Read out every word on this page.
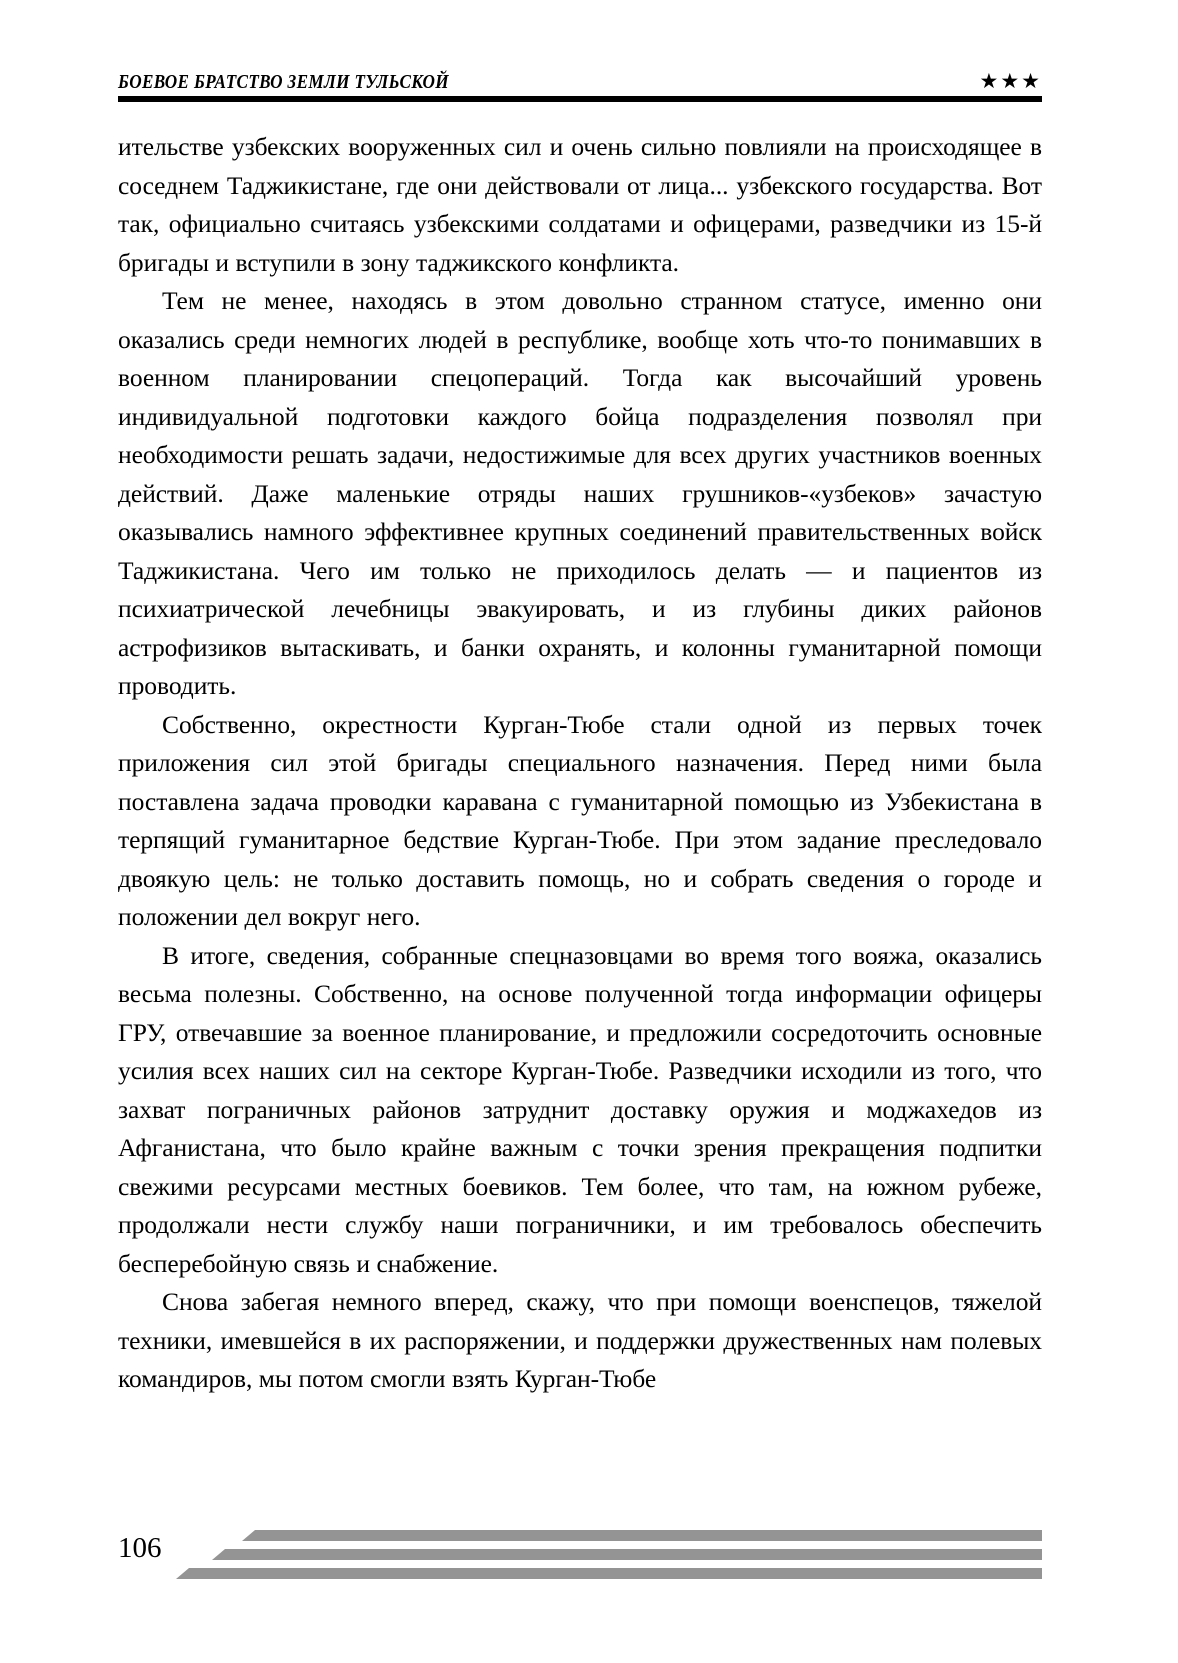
БОЕВОЕ БРАТСТВО ЗЕМЛИ ТУЛЬСКОЙ	★★★

ительстве узбекских вооруженных сил и очень сильно повлияли на происходящее в соседнем Таджикистане, где они действовали от лица... узбекского государства. Вот так, официально считаясь узбекскими солдатами и офицерами, разведчики из 15-й бригады и вступили в зону таджикского конфликта.

Тем не менее, находясь в этом довольно странном статусе, именно они оказались среди немногих людей в республике, вообще хоть что-то понимавших в военном планировании спецопераций. Тогда как высочайший уровень индивидуальной подготовки каждого бойца подразделения позволял при необходимости решать задачи, недостижимые для всех других участников военных действий. Даже маленькие отряды наших грушников-«узбеков» зачастую оказывались намного эффективнее крупных соединений правительственных войск Таджикистана. Чего им только не приходилось делать — и пациентов из психиатрической лечебницы эвакуировать, и из глубины диких районов астрофизиков вытаскивать, и банки охранять, и колонны гуманитарной помощи проводить.

Собственно, окрестности Курган-Тюбе стали одной из первых точек приложения сил этой бригады специального назначения. Перед ними была поставлена задача проводки каравана с гуманитарной помощью из Узбекистана в терпящий гуманитарное бедствие Курган-Тюбе. При этом задание преследовало двоякую цель: не только доставить помощь, но и собрать сведения о городе и положении дел вокруг него.

В итоге, сведения, собранные спецназовцами во время того вояжа, оказались весьма полезны. Собственно, на основе полученной тогда информации офицеры ГРУ, отвечавшие за военное планирование, и предложили сосредоточить основные усилия всех наших сил на секторе Курган-Тюбе. Разведчики исходили из того, что захват пограничных районов затруднит доставку оружия и моджахедов из Афганистана, что было крайне важным с точки зрения прекращения подпитки свежими ресурсами местных боевиков. Тем более, что там, на южном рубеже, продолжали нести службу наши пограничники, и им требовалось обеспечить бесперебойную связь и снабжение.

Снова забегая немного вперед, скажу, что при помощи военспецов, тяжелой техники, имевшейся в их распоряжении, и поддержки дружественных нам полевых командиров, мы потом смогли взять Курган-Тюбе

106
